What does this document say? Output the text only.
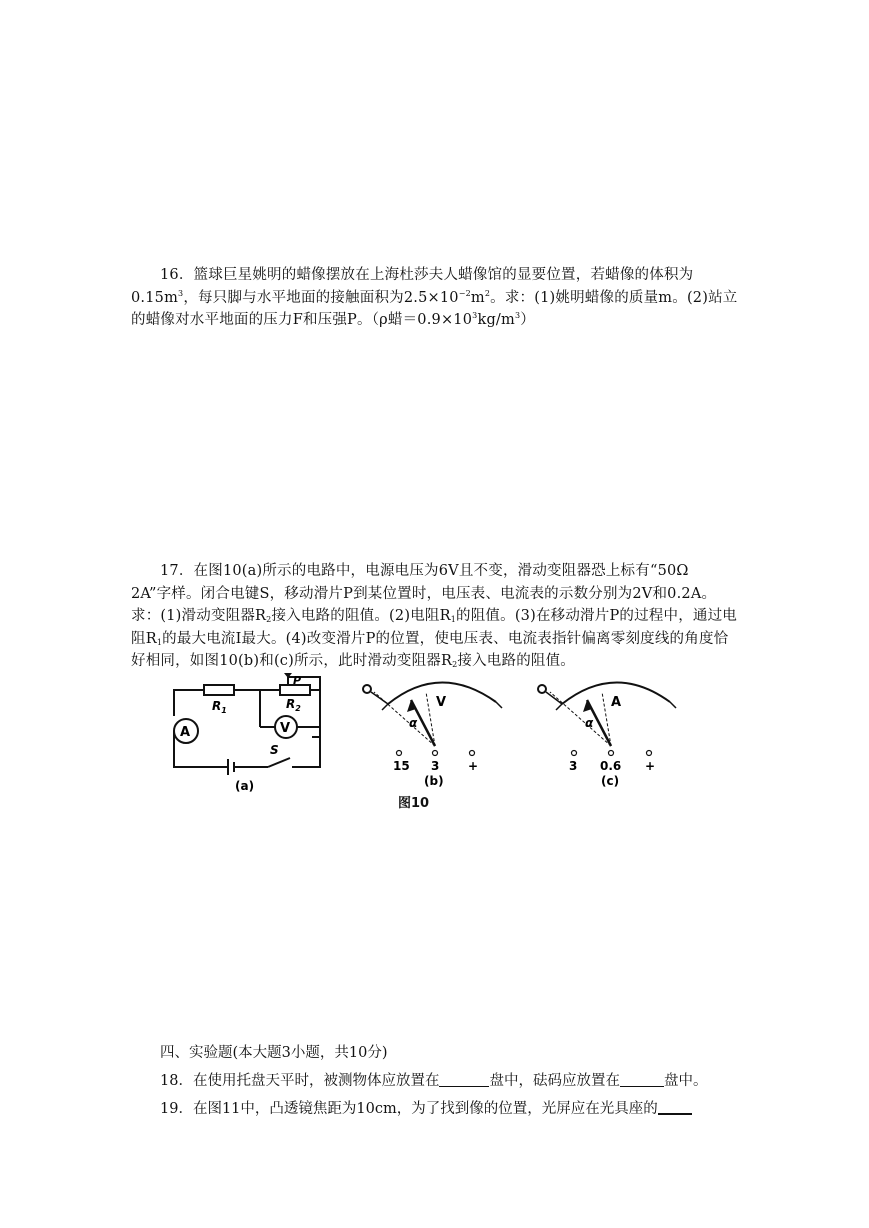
16．篮球巨星姚明的蜡像摆放在上海杜莎夫人蜡像馆的显要位置，若蜡像的体积为$0.15m^3$，每只脚与水平地面的接触面积为$2.5\times 10^{-2}m^2$。求：(1)姚明蜡像的质量m。(2)站立的蜡像对水平地面的压力F和压强P。（ρ蜡$=0.9\times 10^3kg/m^3$）
17．在图10(a)所示的电路中，电源电压为6V且不变，滑动变阻器恐上标有“50Ω　2A”字样。闭合电键S，移动滑片P到某位置时，电压表、电流表的示数分别为2V和0.2A。求：(1)滑动变阻器$R_2$接入电路的阻值。(2)电阻$R_1$的阻值。(3)在移动滑片P的过程中，通过电阻$R_1$的最大电流I最大。(4)改变滑片P的位置，使电压表、电流表指针偏离零刻度线的角度恰好相同，如图10(b)和(c)所示，此时滑动变阻器$R_2$接入电路的阻值。
A	V
$R_1$	$R_2$
P
S
(a)
V
α
15 3 +
(b)
A
α
3 0.6 +
(c)
图10
四、实验题(本大题3小题，共10分)
18．在使用托盘天平时，被测物体应放置在	盘中，砝码应放置在	盘中。
19．在图11中，凸透镜焦距为10cm，为了找到像的位置，光屏应在光具座的
